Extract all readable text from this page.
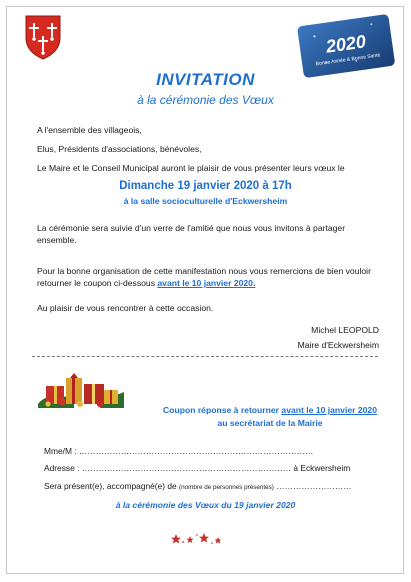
2020
Bonne Année & Bonne Santé
INVITATION
à la cérémonie des Vœux
A l'ensemble des villageois,
Elus, Présidents d'associations, bénévoles,
Le Maire et le Conseil Municipal auront le plaisir de vous présenter leurs vœux le
Dimanche 19 janvier 2020 à 17h
à la salle socioculturelle d'Eckwersheim
La cérémonie sera suivie d'un verre de l'amitié que nous vous invitons à partager ensemble.
Pour la bonne organisation de cette manifestation nous vous remercions de bien vouloir retourner le coupon ci-dessous avant le 10 janvier 2020.
Au plaisir de vous rencontrer à cette occasion.
Michel LEOPOLD
Maire d'Eckwersheim
Coupon réponse à retourner avant le 10 janvier 2020
au secrétariat de la Mairie
Mme/M : …………………………………………………………………………
Adresse : ………………………………………………………………… à Eckwersheim
Sera présent(e), accompagné(e) de (nombre de personnes présentes) ………………………
à la cérémonie des Vœux du 19 janvier 2020
